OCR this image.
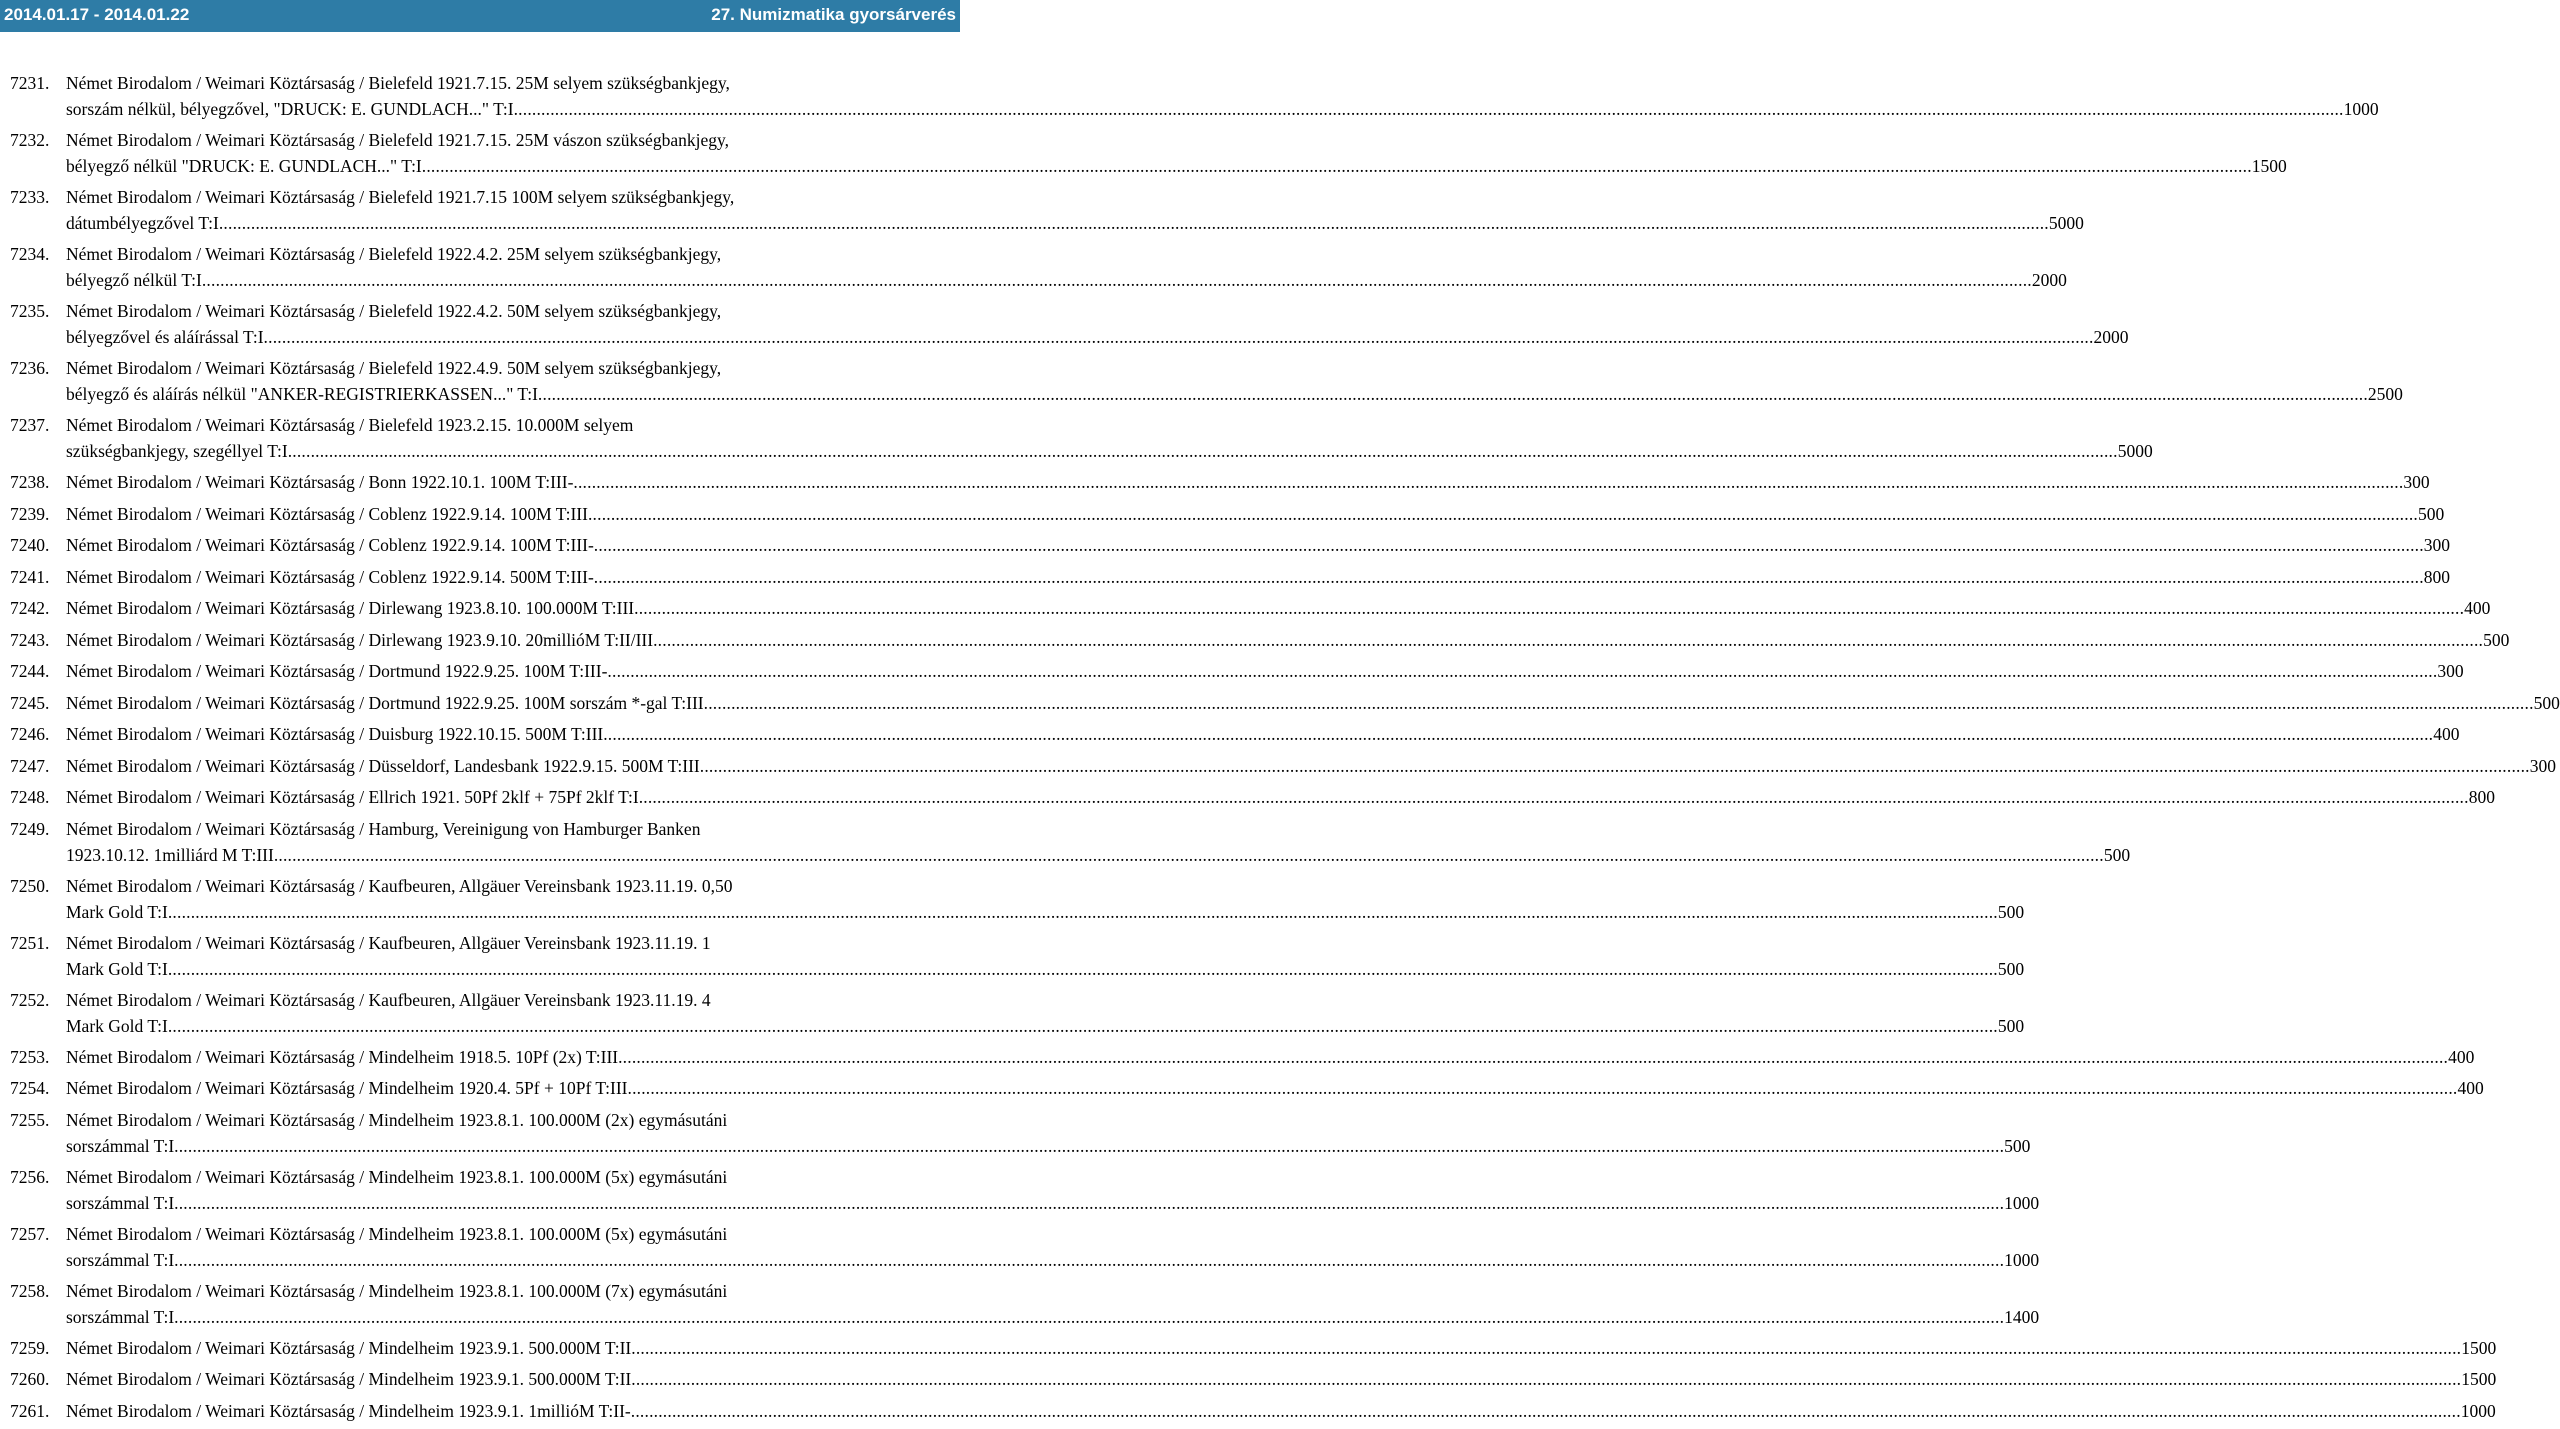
2014.01.17 - 2014.01.22	27. Numizmatika gyorsárverés
7231. Német Birodalom / Weimari Köztársaság / Bielefeld 1921.7.15. 25M selyem szükségbankjegy,
sorszám nélkül, bélyegzővel, "DRUCK: E. GUNDLACH..." T:I ................................................................................................................................................................................................................................................................................................................................................................................................................ 1000
7232. Német Birodalom / Weimari Köztársaság / Bielefeld 1921.7.15. 25M vászon szükségbankjegy,
bélyegző nélkül "DRUCK: E. GUNDLACH..." T:I ................................................................................................................................................................................................................................................................................................................................................................................................................ 1500
7233. Német Birodalom / Weimari Köztársaság / Bielefeld 1921.7.15 100M selyem szükségbankjegy,
dátumbélyegzővel T:I ................................................................................................................................................................................................................................................................................................................................................................................................................ 5000
7234. Német Birodalom / Weimari Köztársaság / Bielefeld 1922.4.2. 25M selyem szükségbankjegy,
bélyegző nélkül T:I ................................................................................................................................................................................................................................................................................................................................................................................................................ 2000
7235. Német Birodalom / Weimari Köztársaság / Bielefeld 1922.4.2. 50M selyem szükségbankjegy,
bélyegzővel és aláírással T:I ................................................................................................................................................................................................................................................................................................................................................................................................................ 2000
7236. Német Birodalom / Weimari Köztársaság / Bielefeld 1922.4.9. 50M selyem szükségbankjegy,
bélyegző és aláírás nélkül "ANKER-REGISTRIERKASSEN..." T:I ................................................................................................................................................................................................................................................................................................................................................................................................................ 2500
7237. Német Birodalom / Weimari Köztársaság / Bielefeld 1923.2.15. 10.000M selyem
szükségbankjegy, szegéllyel T:I ................................................................................................................................................................................................................................................................................................................................................................................................................ 5000
7238. Német Birodalom / Weimari Köztársaság / Bonn 1922.10.1. 100M T:III- ................................................................................................................................................................................................................................................................................................................................................................................................................ 300
7239. Német Birodalom / Weimari Köztársaság / Coblenz 1922.9.14. 100M T:III ................................................................................................................................................................................................................................................................................................................................................................................................................ 500
7240. Német Birodalom / Weimari Köztársaság / Coblenz 1922.9.14. 100M T:III- ................................................................................................................................................................................................................................................................................................................................................................................................................ 300
7241. Német Birodalom / Weimari Köztársaság / Coblenz 1922.9.14. 500M T:III- ................................................................................................................................................................................................................................................................................................................................................................................................................ 800
7242. Német Birodalom / Weimari Köztársaság / Dirlewang 1923.8.10. 100.000M T:III ................................................................................................................................................................................................................................................................................................................................................................................................................ 400
7243. Német Birodalom / Weimari Köztársaság / Dirlewang 1923.9.10. 20millióM T:II/III ................................................................................................................................................................................................................................................................................................................................................................................................................ 500
7244. Német Birodalom / Weimari Köztársaság / Dortmund 1922.9.25. 100M T:III- ................................................................................................................................................................................................................................................................................................................................................................................................................ 300
7245. Német Birodalom / Weimari Köztársaság / Dortmund 1922.9.25. 100M sorszám *-gal T:III ................................................................................................................................................................................................................................................................................................................................................................................................................ 500
7246. Német Birodalom / Weimari Köztársaság / Duisburg 1922.10.15. 500M T:III ................................................................................................................................................................................................................................................................................................................................................................................................................ 400
7247. Német Birodalom / Weimari Köztársaság / Düsseldorf, Landesbank 1922.9.15. 500M T:III ................................................................................................................................................................................................................................................................................................................................................................................................................ 300
7248. Német Birodalom / Weimari Köztársaság / Ellrich 1921. 50Pf 2klf + 75Pf 2klf T:I ................................................................................................................................................................................................................................................................................................................................................................................................................ 800
7249. Német Birodalom / Weimari Köztársaság / Hamburg, Vereinigung von Hamburger Banken
1923.10.12. 1milliárd M T:III ................................................................................................................................................................................................................................................................................................................................................................................................................ 500
7250. Német Birodalom / Weimari Köztársaság / Kaufbeuren, Allgäuer Vereinsbank 1923.11.19. 0,50
Mark Gold T:I ................................................................................................................................................................................................................................................................................................................................................................................................................ 500
7251. Német Birodalom / Weimari Köztársaság / Kaufbeuren, Allgäuer Vereinsbank 1923.11.19. 1
Mark Gold T:I ................................................................................................................................................................................................................................................................................................................................................................................................................ 500
7252. Német Birodalom / Weimari Köztársaság / Kaufbeuren, Allgäuer Vereinsbank 1923.11.19. 4
Mark Gold T:I ................................................................................................................................................................................................................................................................................................................................................................................................................ 500
7253. Német Birodalom / Weimari Köztársaság / Mindelheim 1918.5. 10Pf (2x) T:III ................................................................................................................................................................................................................................................................................................................................................................................................................ 400
7254. Német Birodalom / Weimari Köztársaság / Mindelheim 1920.4. 5Pf + 10Pf T:III ................................................................................................................................................................................................................................................................................................................................................................................................................ 400
7255. Német Birodalom / Weimari Köztársaság / Mindelheim 1923.8.1. 100.000M (2x) egymásutáni
sorszámmal T:I ................................................................................................................................................................................................................................................................................................................................................................................................................ 500
7256. Német Birodalom / Weimari Köztársaság / Mindelheim 1923.8.1. 100.000M (5x) egymásutáni
sorszámmal T:I ................................................................................................................................................................................................................................................................................................................................................................................................................ 1000
7257. Német Birodalom / Weimari Köztársaság / Mindelheim 1923.8.1. 100.000M (5x) egymásutáni
sorszámmal T:I ................................................................................................................................................................................................................................................................................................................................................................................................................ 1000
7258. Német Birodalom / Weimari Köztársaság / Mindelheim 1923.8.1. 100.000M (7x) egymásutáni
sorszámmal T:I ................................................................................................................................................................................................................................................................................................................................................................................................................ 1400
7259. Német Birodalom / Weimari Köztársaság / Mindelheim 1923.9.1. 500.000M T:II ................................................................................................................................................................................................................................................................................................................................................................................................................ 1500
7260. Német Birodalom / Weimari Köztársaság / Mindelheim 1923.9.1. 500.000M T:II ................................................................................................................................................................................................................................................................................................................................................................................................................ 1500
7261. Német Birodalom / Weimari Köztársaság / Mindelheim 1923.9.1. 1millióM T:II- ................................................................................................................................................................................................................................................................................................................................................................................................................ 1000
